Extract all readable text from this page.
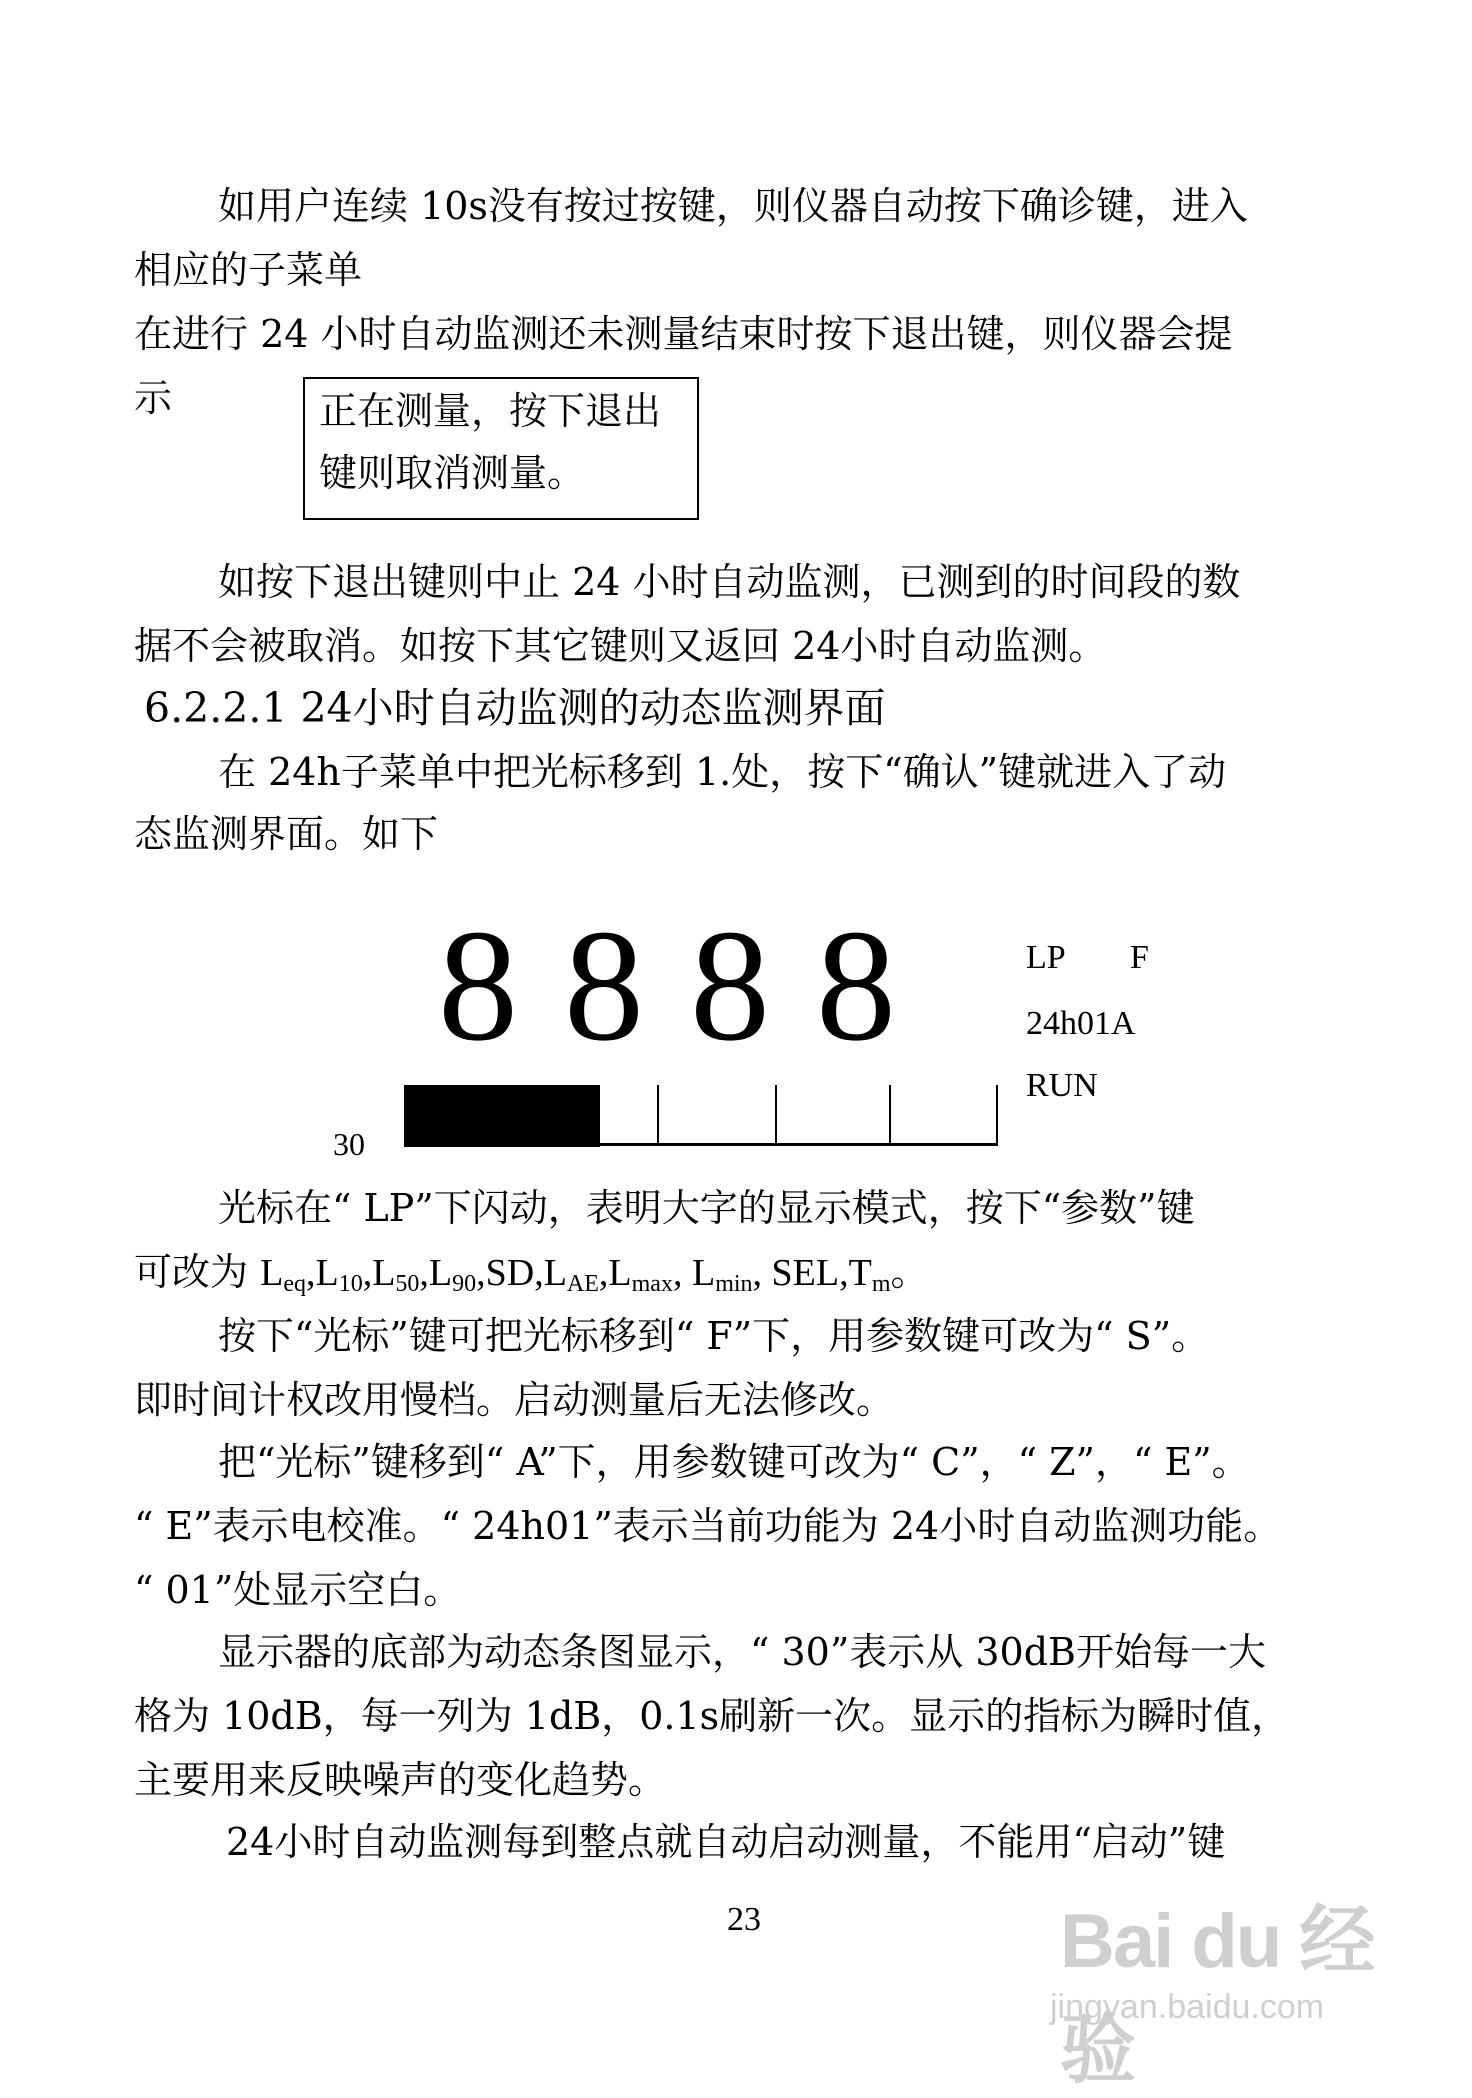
如用户连续 10s没有按过按键，则仪器自动按下确诊键，进入
相应的子菜单
在进行 24 小时自动监测还未测量结束时按下退出键，则仪器会提
示	正在测量，按下退出
键则取消测量。
如按下退出键则中止 24 小时自动监测，已测到的时间段的数
据不会被取消。如按下其它键则又返回 24小时自动监测。
6.2.2.1 24小时自动监测的动态监测界面
在 24h子菜单中把光标移到 1.处，按下“确认”键就进入了动
态监测界面。如下
8 8 8 8	LP F
24h01A
RUN
30
光标在“ LP”下闪动，表明大字的显示模式，按下“参数”键
可改为 $L_{eq},L_{10},L_{50},L_{90},SD,L_{AE},L_{max}$, $L_{min}$, $SEL,T_m$。
按下“光标”键可把光标移到“ F”下，用参数键可改为“ S”。
即时间计权改用慢档。启动测量后无法修改。
把“光标”键移到“ A”下，用参数键可改为“ C”，“ Z”，“ E”。
“ E”表示电校准。“ 24h01”表示当前功能为 24小时自动监测功能。
“ 01”处显示空白。
显示器的底部为动态条图显示，“ 30”表示从 30dB开始每一大
格为 10dB，每一列为 1dB，0.1s刷新一次。显示的指标为瞬时值，
主要用来反映噪声的变化趋势。
24小时自动监测每到整点就自动启动测量，不能用“启动”键
23	Bai du 经验
jingyan.baidu.com
